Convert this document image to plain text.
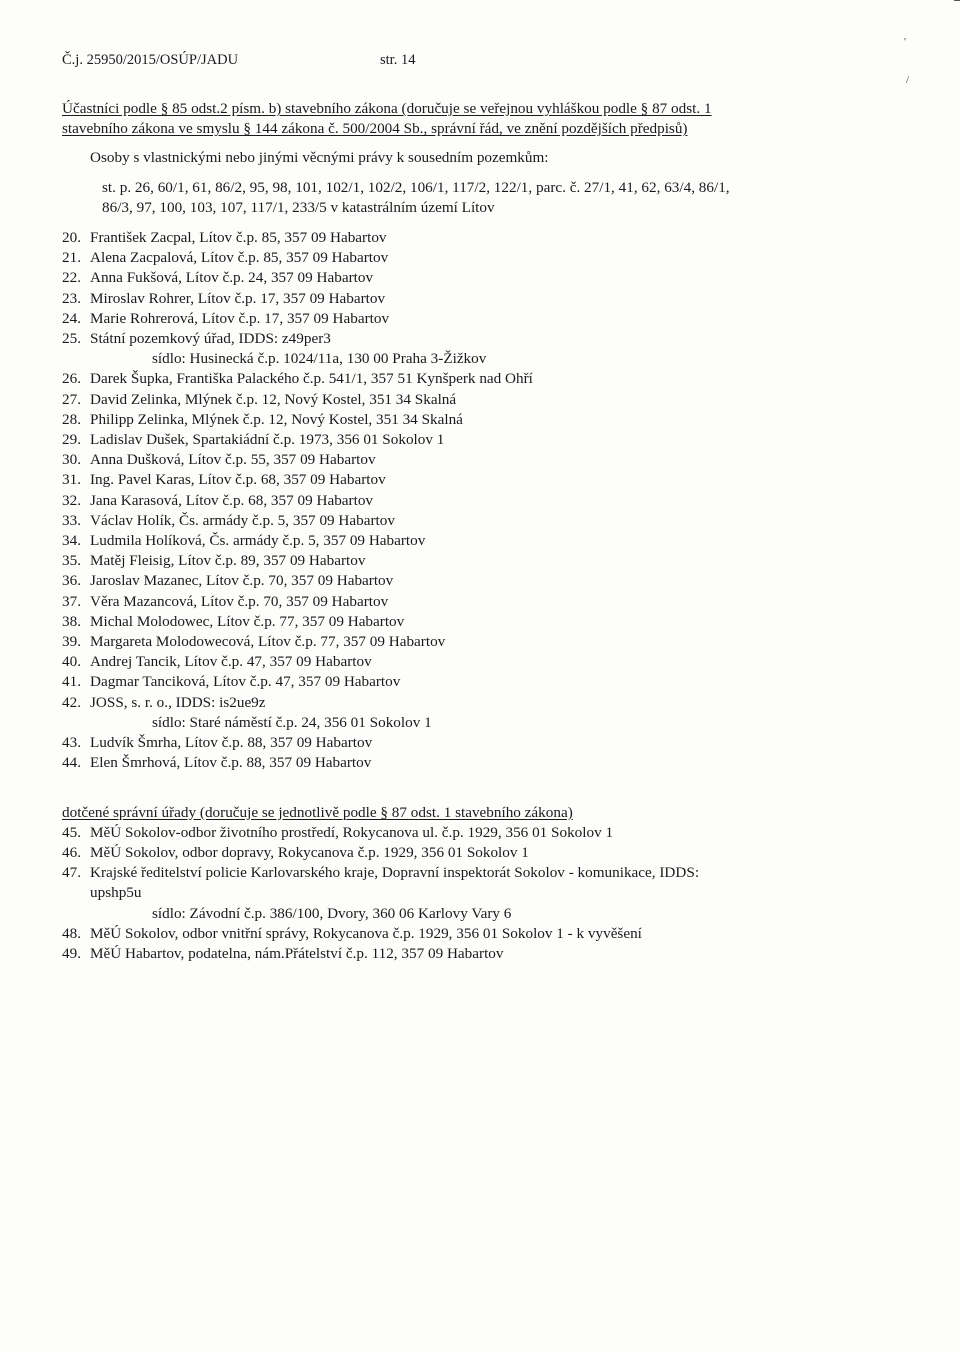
'
/
Č.j. 25950/2015/OSÚP/JADU	str. 14

Účastníci podle § 85 odst.2 písm. b) stavebního zákona (doručuje se veřejnou vyhláškou podle § 87 odst. 1

stavebního zákona ve smyslu § 144 zákona č. 500/2004 Sb., správní řád, ve znění pozdějších předpisů)

Osoby s vlastnickými nebo jinými věcnými právy k sousedním pozemkům:

st. p. 26, 60/1, 61, 86/2, 95, 98, 101, 102/1, 102/2, 106/1, 117/2, 122/1, parc. č. 27/1, 41, 62, 63/4, 86/1,

86/3, 97, 100, 103, 107, 117/1, 233/5 v katastrálním území Lítov

20. František Zacpal, Lítov č.p. 85, 357 09 Habartov
21. Alena Zacpalová, Lítov č.p. 85, 357 09 Habartov
22. Anna Fukšová, Lítov č.p. 24, 357 09 Habartov
23. Miroslav Rohrer, Lítov č.p. 17, 357 09 Habartov
24. Marie Rohrerová, Lítov č.p. 17, 357 09 Habartov
25. Státní pozemkový úřad, IDDS: z49per3

sídlo: Husinecká č.p. 1024/11a, 130 00 Praha 3-Žižkov

26. Darek Šupka, Františka Palackého č.p. 541/1, 357 51 Kynšperk nad Ohří
27. David Zelinka, Mlýnek č.p. 12, Nový Kostel, 351 34 Skalná
28. Philipp Zelinka, Mlýnek č.p. 12, Nový Kostel, 351 34 Skalná
29. Ladislav Dušek, Spartakiádní č.p. 1973, 356 01 Sokolov 1
30. Anna Dušková, Lítov č.p. 55, 357 09 Habartov
31. Ing. Pavel Karas, Lítov č.p. 68, 357 09 Habartov
32. Jana Karasová, Lítov č.p. 68, 357 09 Habartov
33. Václav Holík, Čs. armády č.p. 5, 357 09 Habartov
34. Ludmila Holíková, Čs. armády č.p. 5, 357 09 Habartov
35. Matěj Fleisig, Lítov č.p. 89, 357 09 Habartov
36. Jaroslav Mazanec, Lítov č.p. 70, 357 09 Habartov
37. Věra Mazancová, Lítov č.p. 70, 357 09 Habartov
38. Michal Molodowec, Lítov č.p. 77, 357 09 Habartov
39. Margareta Molodowecová, Lítov č.p. 77, 357 09 Habartov
40. Andrej Tancik, Lítov č.p. 47, 357 09 Habartov
41. Dagmar Tanciková, Lítov č.p. 47, 357 09 Habartov
42. JOSS, s. r. o., IDDS: is2ue9z

sídlo: Staré náměstí č.p. 24, 356 01 Sokolov 1

43. Ludvík Šmrha, Lítov č.p. 88, 357 09 Habartov
44. Elen Šmrhová, Lítov č.p. 88, 357 09 Habartov

dotčené správní úřady (doručuje se jednotlivě podle § 87 odst. 1 stavebního zákona)

45. MěÚ Sokolov-odbor životního prostředí, Rokycanova ul. č.p. 1929, 356 01 Sokolov 1
46. MěÚ Sokolov, odbor dopravy, Rokycanova č.p. 1929, 356 01 Sokolov 1
47. Krajské ředitelství policie Karlovarského kraje, Dopravní inspektorát Sokolov - komunikace, IDDS:

upshp5u

sídlo: Závodní č.p. 386/100, Dvory, 360 06 Karlovy Vary 6

48. MěÚ Sokolov, odbor vnitřní správy, Rokycanova č.p. 1929, 356 01 Sokolov 1 - k vyvěšení
49. MěÚ Habartov, podatelna, nám.Přátelství č.p. 112, 357 09 Habartov
